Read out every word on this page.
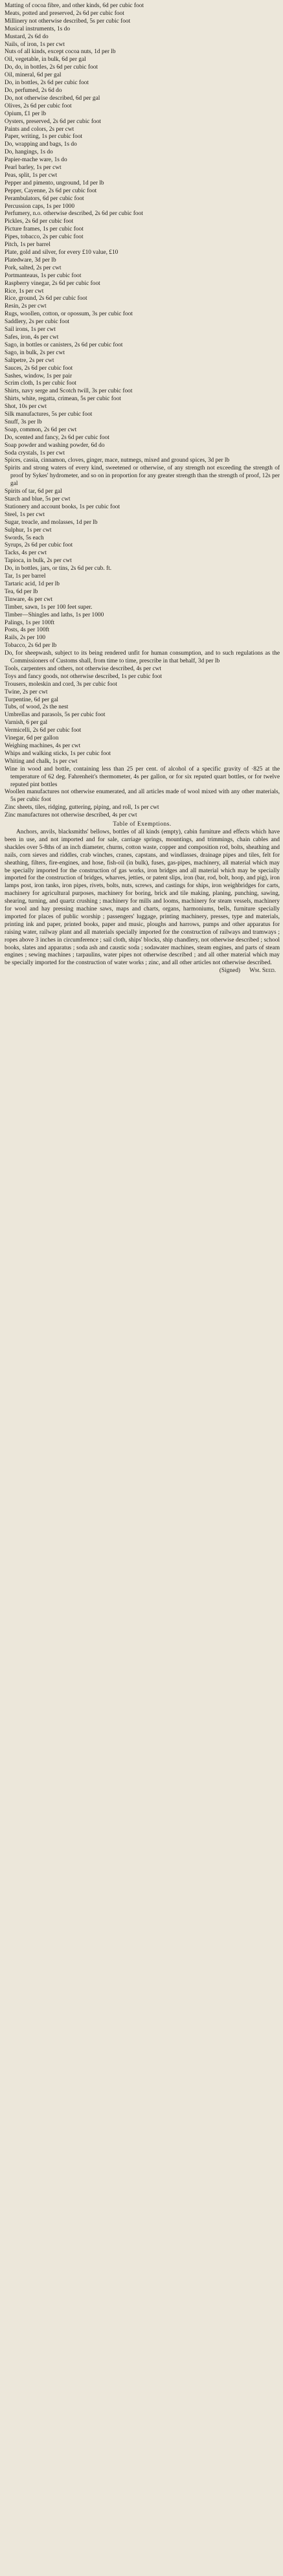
Matting of cocoa fibre, and other kinds, 6d per cubic foot

Meats, potted and preserved, 2s 6d per cubic foot

Millinery not otherwise described, 5s per cubic foot

Musical instruments, 1s do

Mustard, 2s 6d do

Nails, of iron, 1s per cwt

Nuts of all kinds, except cocoa nuts, 1d per lb

Oil, vegetable, in bulk, 6d per gal

Do, do, in bottles, 2s 6d per cubic foot

Oil, mineral, 6d per gal

Do, in bottles, 2s 6d per cubic foot

Do, perfumed, 2s 6d do

Do, not otherwise described, 6d per gal

Olives, 2s 6d per cubic foot

Opium, £1 per lb

Oysters, preserved, 2s 6d per cubic foot

Paints and colors, 2s per cwt

Paper, writing, 1s per cubic foot

Do, wrapping and bags, 1s do

Do, hangings, 1s do

Papier-mache ware, 1s do

Pearl barley, 1s per cwt

Peas, split, 1s per cwt

Pepper and pimento, unground, 1d per lb

Pepper, Cayenne, 2s 6d per cubic foot

Perambulators, 6d per cubic foot

Percussion caps, 1s per 1000

Perfumery, n.o. otherwise described, 2s 6d per cubic foot

Pickles, 2s 6d per cubic foot

Picture frames, 1s per cubic foot

Pipes, tobacco, 2s per cubic foot

Pitch, 1s per barrel

Plate, gold and silver, for every £10 value, £10

Platedware, 3d per lb

Pork, salted, 2s per cwt

Portmanteaus, 1s per cubic foot

Raspberry vinegar, 2s 6d per cubic foot

Rice, 1s per cwt

Rice, ground, 2s 6d per cubic foot

Resin, 2s per cwt

Rugs, woollen, cotton, or opossum, 3s per cubic foot

Saddlery, 2s per cubic foot

Sail irons, 1s per cwt

Safes, iron, 4s per cwt

Sago, in bottles or canisters, 2s 6d per cubic foot

Sago, in bulk, 2s per cwt

Saltpetre, 2s per cwt

Sauces, 2s 6d per cubic foot

Sashes, window, 1s per pair

Scrim cloth, 1s per cubic foot

Shirts, navy serge and Scotch twill, 3s per cubic foot

Shirts, white, regatta, crimean, 5s per cubic foot

Shot, 10s per cwt

Silk manufactures, 5s per cubic foot

Snuff, 3s per lb

Soap, common, 2s 6d per cwt

Do, scented and fancy, 2s 6d per cubic foot

Soap powder and washing powder, 6d do

Soda crystals, 1s per cwt

Spices, cassia, cinnamon, cloves, ginger, mace, nutmegs, mixed and ground spices, 3d per lb

Spirits and strong waters of every kind, sweetened or otherwise, of any strength not exceeding the strength of proof by Sykes' hydrometer, and so on in proportion for any greater strength than the strength of proof, 12s per gal

Spirits of tar, 6d per gal

Starch and blue, 5s per cwt

Stationery and account books, 1s per cubic foot

Steel, 1s per cwt

Sugar, treacle, and molasses, 1d per lb

Sulphur, 1s per cwt

Swords, 5s each

Syrups, 2s 6d per cubic foot

Tacks, 4s per cwt

Tapioca, in bulk, 2s per cwt

Do, in bottles, jars, or tins, 2s 6d per cub. ft.

Tar, 1s per barrel

Tartaric acid, 1d per lb

Tea, 6d per lb

Tinware, 4s per cwt

Timber, sawn, 1s per 100 feet super.

Timber—Shingles and laths, 1s per 1000

Palings, 1s per 100ft

Posts, 4s per 100ft

Rails, 2s per 100

Tobacco, 2s 6d per lb

Do, for sheepwash, subject to its being rendered unfit for human consumption, and to such regulations as the Commissioners of Customs shall, from time to time, prescribe in that behalf, 3d per lb

Tools, carpenters and others, not otherwise described, 4s per cwt

Toys and fancy goods, not otherwise described, 1s per cubic foot

Trousers, moleskin and cord, 3s per cubic foot

Twine, 2s per cwt

Turpentine, 6d per gal

Tubs, of wood, 2s the nest

Umbrellas and parasols, 5s per cubic foot

Varnish, 6 per gal

Vermicelli, 2s 6d per cubic foot

Vinegar, 6d per gallon

Weighing machines, 4s per cwt

Whips and walking sticks, 1s per cubic foot

Whiting and chalk, 1s per cwt

Wine in wood and bottle, containing less than 25 per cent. of alcohol of a specific gravity of ·825 at the temperature of 62 deg. Fahrenheit's thermometer, 4s per gallon, or for six reputed quart bottles, or for twelve reputed pint bottles

Woollen manufactures not otherwise enumerated, and all articles made of wool mixed with any other materials, 5s per cubic foot

Zinc sheets, tiles, ridging, guttering, piping, and roll, 1s per cwt

Zinc manufactures not otherwise described, 4s per cwt

Table of Exemptions.

Anchors, anvils, blacksmiths' bellows, bottles of all kinds (empty), cabin furniture and effects which have been in use, and not imported and for sale, carriage springs, mountings, and trimmings, chain cables and shackles over 5-8ths of an inch diameter, churns, cotton waste, copper and composition rod, bolts, sheathing and nails, corn sieves and riddles, crab winches, cranes, capstans, and windlasses, drainage pipes and tiles, felt for sheathing, filters, fire-engines, and hose, fish-oil (in bulk), fuses, gas-pipes, machinery, all material which may be specially imported for the construction of gas works, iron bridges and all material which may be specially imported for the construction of bridges, wharves, jetties, or patent slips, iron (bar, rod, bolt, hoop, and pig), iron lamps post, iron tanks, iron pipes, rivets, bolts, nuts, screws, and castings for ships, iron weighbridges for carts, machinery for agricultural purposes, machinery for boring, brick and tile making, planing, punching, sawing, shearing, turning, and quartz crushing ; machinery for mills and looms, machinery for steam vessels, machinery for wool and hay pressing machine saws, maps and charts, organs, harmoniums, bells, furniture specially imported for places of public worship ; passengers' luggage, printing machinery, presses, type and materials, printing ink and paper, printed books, paper and music, ploughs and harrows, pumps and other apparatus for raising water, railway plant and all materials specially imported for the construction of railways and tramways ; ropes above 3 inches in circumference ; sail cloth, ships' blocks, ship chandlery, not otherwise described ; school books, slates and apparatus ; soda ash and caustic soda ; sodawater machines, steam engines, and parts of steam engines ; sewing machines ; tarpaulins, water pipes not otherwise described ; and all other material which may be specially imported for the construction of water works ; zinc, and all other articles not otherwise described.

(Signed) Wm. Seed.
